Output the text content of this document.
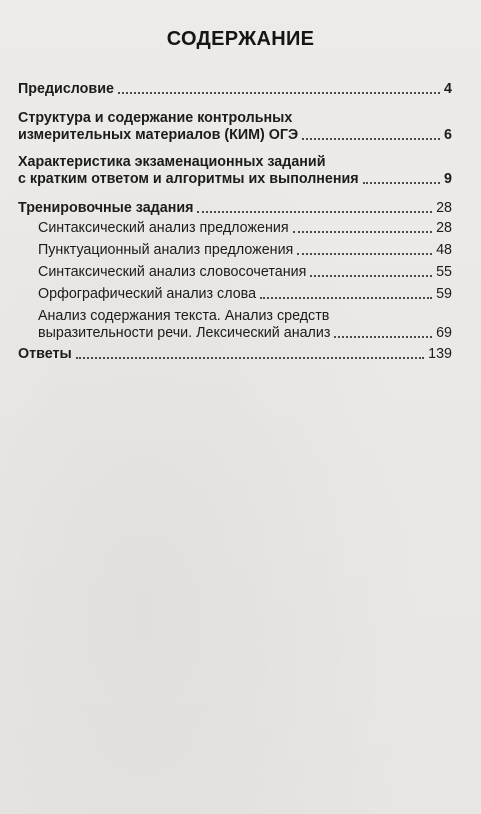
СОДЕРЖАНИЕ
Предисловие	4
Структура и содержание контрольных
измерительных материалов (КИМ) ОГЭ	6
Характеристика экзаменационных заданий
с кратким ответом и алгоритмы их выполнения	9
Тренировочные задания	28
Синтаксический анализ предложения	28
Пунктуационный анализ предложения	48
Синтаксический анализ словосочетания	55
Орфографический анализ слова	59
Анализ содержания текста. Анализ средств
выразительности речи. Лексический анализ	69
Ответы	139
